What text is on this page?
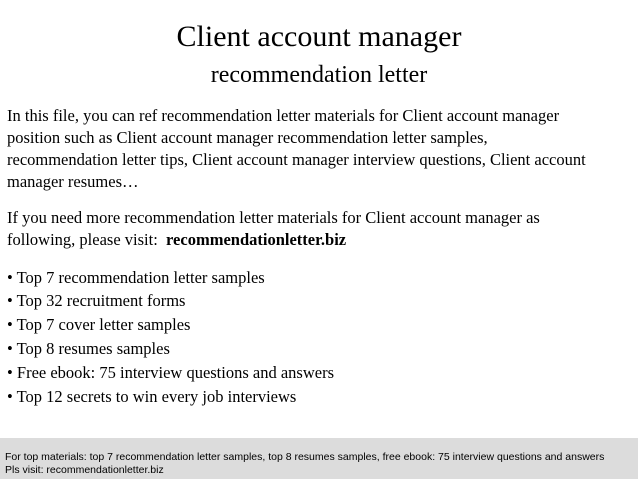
Client account manager
recommendation letter
In this file, you can ref recommendation letter materials for Client account manager
position such as Client account manager recommendation letter samples,
recommendation letter tips, Client account manager interview questions, Client account
manager resumes…
If you need more recommendation letter materials for Client account manager as
following, please visit:  recommendationletter.biz
• Top 7 recommendation letter samples
• Top 32 recruitment forms
• Top 7 cover letter samples
• Top 8 resumes samples
• Free ebook: 75 interview questions and answers
• Top 12 secrets to win every job interviews
For top materials: top 7 recommendation letter samples, top 8 resumes samples, free ebook: 75 interview questions and answers
Pls visit: recommendationletter.biz
